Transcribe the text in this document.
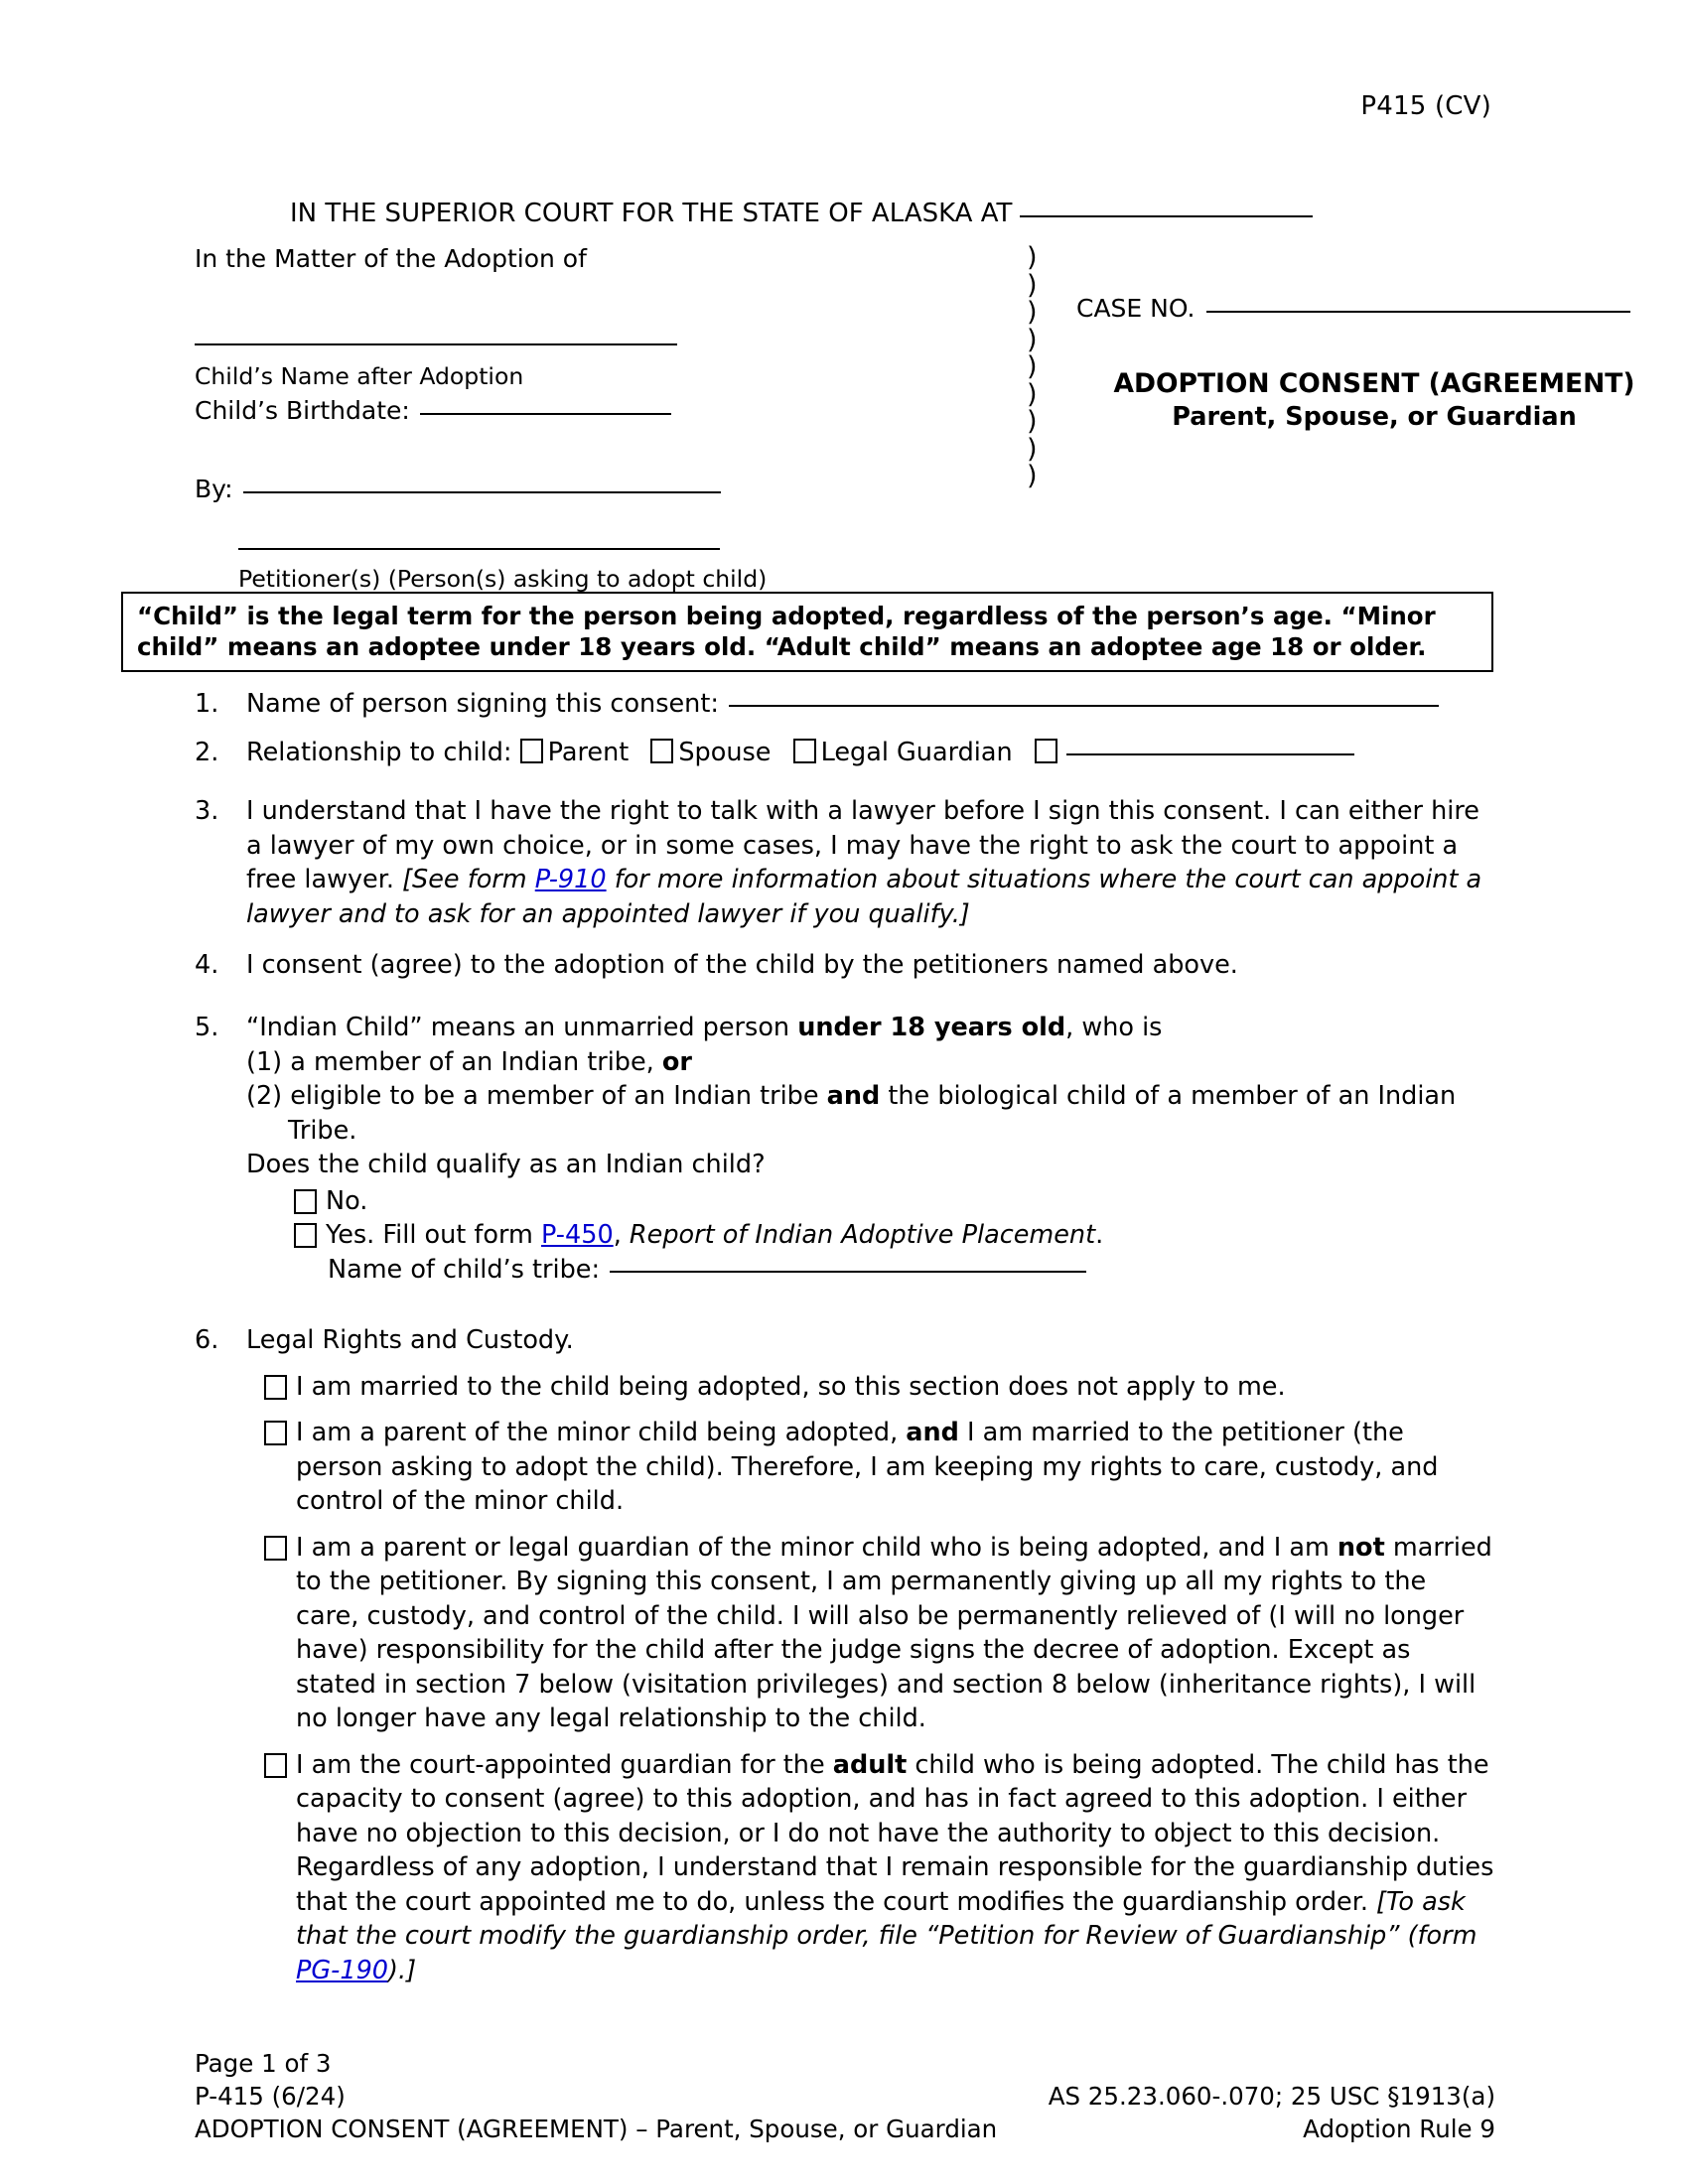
P415 (CV)
IN THE SUPERIOR COURT FOR THE STATE OF ALASKA AT
In the Matter of the Adoption of
Child’s Name after Adoption
Child’s Birthdate:
By:
Petitioner(s) (Person(s) asking to adopt child)
)
)
)
)
)
)
)
)
)
CASE NO.
ADOPTION CONSENT (AGREEMENT)
Parent, Spouse, or Guardian
“Child” is the legal term for the person being adopted, regardless of the person’s age. “Minor
child” means an adoptee under 18 years old. “Adult child” means an adoptee age 18 or older.
1.	Name of person signing this consent:
2.	Relationship to child: Parent Spouse Legal Guardian
3.	I understand that I have the right to talk with a lawyer before I sign this consent. I can either hire a lawyer of my own choice, or in some cases, I may have the right to ask the court to appoint a free lawyer. [See form P-910 for more information about situations where the court can appoint a lawyer and to ask for an appointed lawyer if you qualify.]
4.	I consent (agree) to the adoption of the child by the petitioners named above.
5.	“Indian Child” means an unmarried person under 18 years old, who is
(1) a member of an Indian tribe, or
(2) eligible to be a member of an Indian tribe and the biological child of a member of an Indian Tribe.
Does the child qualify as an Indian child?
No.
Yes. Fill out form P-450, Report of Indian Adoptive Placement.
Name of child’s tribe:
6.	Legal Rights and Custody.
I am married to the child being adopted, so this section does not apply to me.
I am a parent of the minor child being adopted, and I am married to the petitioner (the person asking to adopt the child). Therefore, I am keeping my rights to care, custody, and control of the minor child.
I am a parent or legal guardian of the minor child who is being adopted, and I am not married to the petitioner. By signing this consent, I am permanently giving up all my rights to the care, custody, and control of the child. I will also be permanently relieved of (I will no longer have) responsibility for the child after the judge signs the decree of adoption. Except as stated in section 7 below (visitation privileges) and section 8 below (inheritance rights), I will no longer have any legal relationship to the child.
I am the court-appointed guardian for the adult child who is being adopted. The child has the capacity to consent (agree) to this adoption, and has in fact agreed to this adoption. I either have no objection to this decision, or I do not have the authority to object to this decision. Regardless of any adoption, I understand that I remain responsible for the guardianship duties that the court appointed me to do, unless the court modifies the guardianship order. [To ask that the court modify the guardianship order, file “Petition for Review of Guardianship” (form PG-190).]
Page 1 of 3
P-415 (6/24)	AS 25.23.060-.070; 25 USC §1913(a)
ADOPTION CONSENT (AGREEMENT) – Parent, Spouse, or Guardian	Adoption Rule 9
